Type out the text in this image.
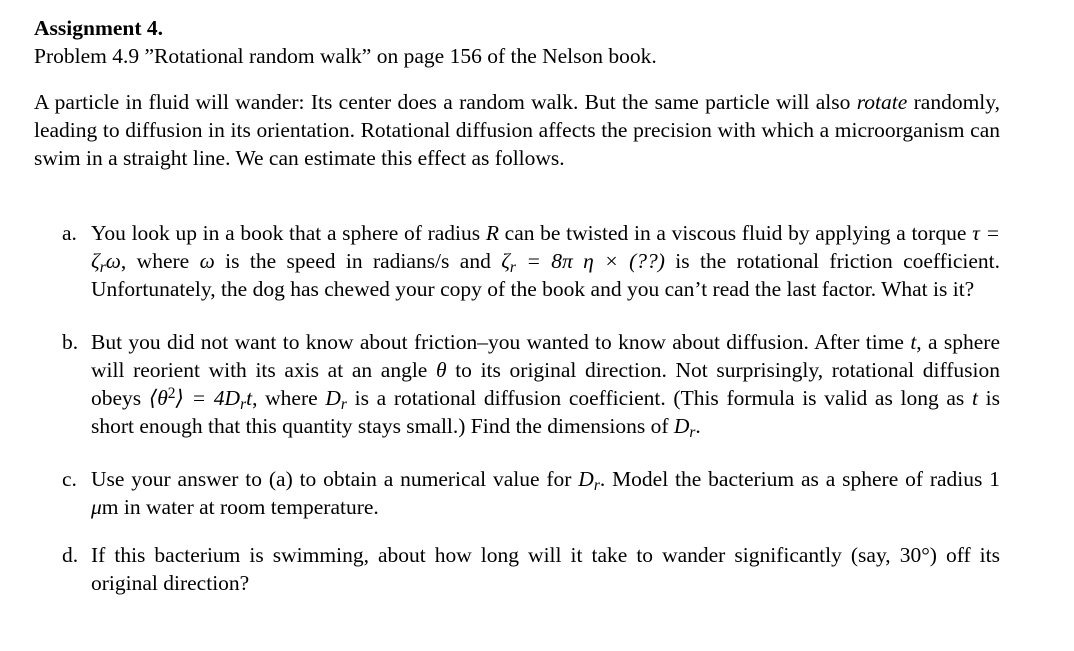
Assignment 4.

Problem 4.9 ”Rotational random walk” on page 156 of the Nelson book.

A particle in fluid will wander: Its center does a random walk. But the same particle will also rotate randomly, leading to diffusion in its orientation. Rotational diffusion affects the precision with which a microorganism can swim in a straight line. We can estimate this effect as follows.

a. You look up in a book that a sphere of radius R can be twisted in a viscous fluid by applying a torque $\tau = \zeta_r\omega$, where ω is the speed in radians/s and $\zeta_r = 8\pi$ η × (??) is the rotational friction coefficient. Unfortunately, the dog has chewed your copy of the book and you can’t read the last factor. What is it?
b. But you did not want to know about friction–you wanted to know about diffusion. After time t, a sphere will reorient with its axis at an angle θ to its original direction. Not surprisingly, rotational diffusion obeys $⟨\theta^2⟩ = 4D_rt$, where $D_r$ is a rotational diffusion coefficient. (This formula is valid as long as t is short enough that this quantity stays small.) Find the dimensions of $D_r$.
c. Use your answer to (a) to obtain a numerical value for $D_r$. Model the bacterium as a sphere of radius 1 μm in water at room temperature.
d. If this bacterium is swimming, about how long will it take to wander significantly (say, 30°) off its original direction?
